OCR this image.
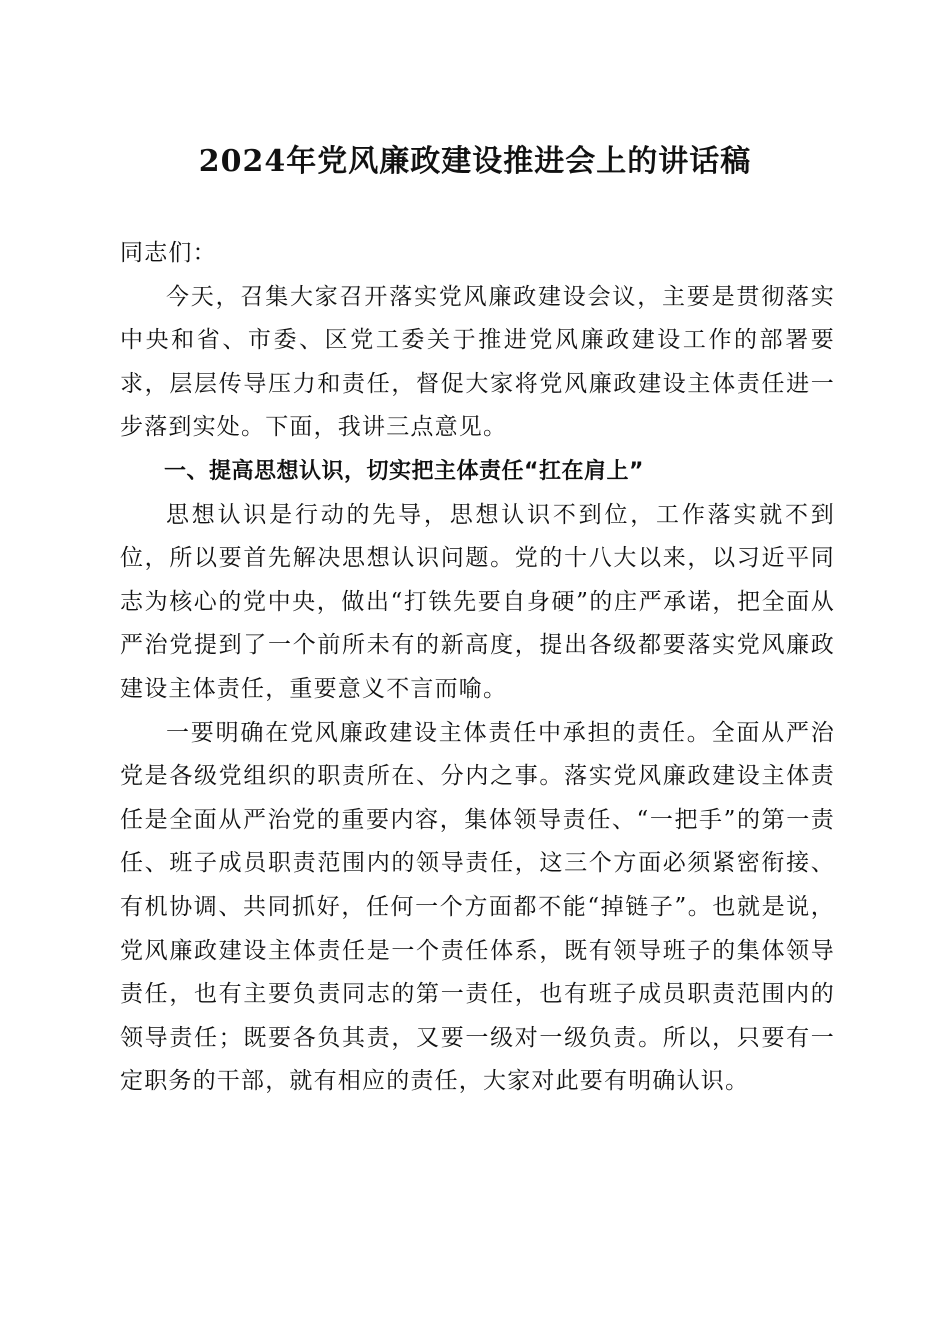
2024年党风廉政建设推进会上的讲话稿

同志们：

今天，召集大家召开落实党风廉政建设会议，主要是贯彻落实中央和省、市委、区党工委关于推进党风廉政建设工作的部署要求，层层传导压力和责任，督促大家将党风廉政建设主体责任进一步落到实处。下面，我讲三点意见。

一、提高思想认识，切实把主体责任“扛在肩上”

思想认识是行动的先导，思想认识不到位，工作落实就不到位，所以要首先解决思想认识问题。党的十八大以来，以习近平同志为核心的党中央，做出“打铁先要自身硬”的庄严承诺，把全面从严治党提到了一个前所未有的新高度，提出各级都要落实党风廉政建设主体责任，重要意义不言而喻。

一要明确在党风廉政建设主体责任中承担的责任。全面从严治党是各级党组织的职责所在、分内之事。落实党风廉政建设主体责任是全面从严治党的重要内容，集体领导责任、“一把手”的第一责任、班子成员职责范围内的领导责任，这三个方面必须紧密衔接、有机协调、共同抓好，任何一个方面都不能“掉链子”。也就是说，党风廉政建设主体责任是一个责任体系，既有领导班子的集体领导责任，也有主要负责同志的第一责任，也有班子成员职责范围内的领导责任；既要各负其责，又要一级对一级负责。所以，只要有一定职务的干部，就有相应的责任，大家对此要有明确认识。
